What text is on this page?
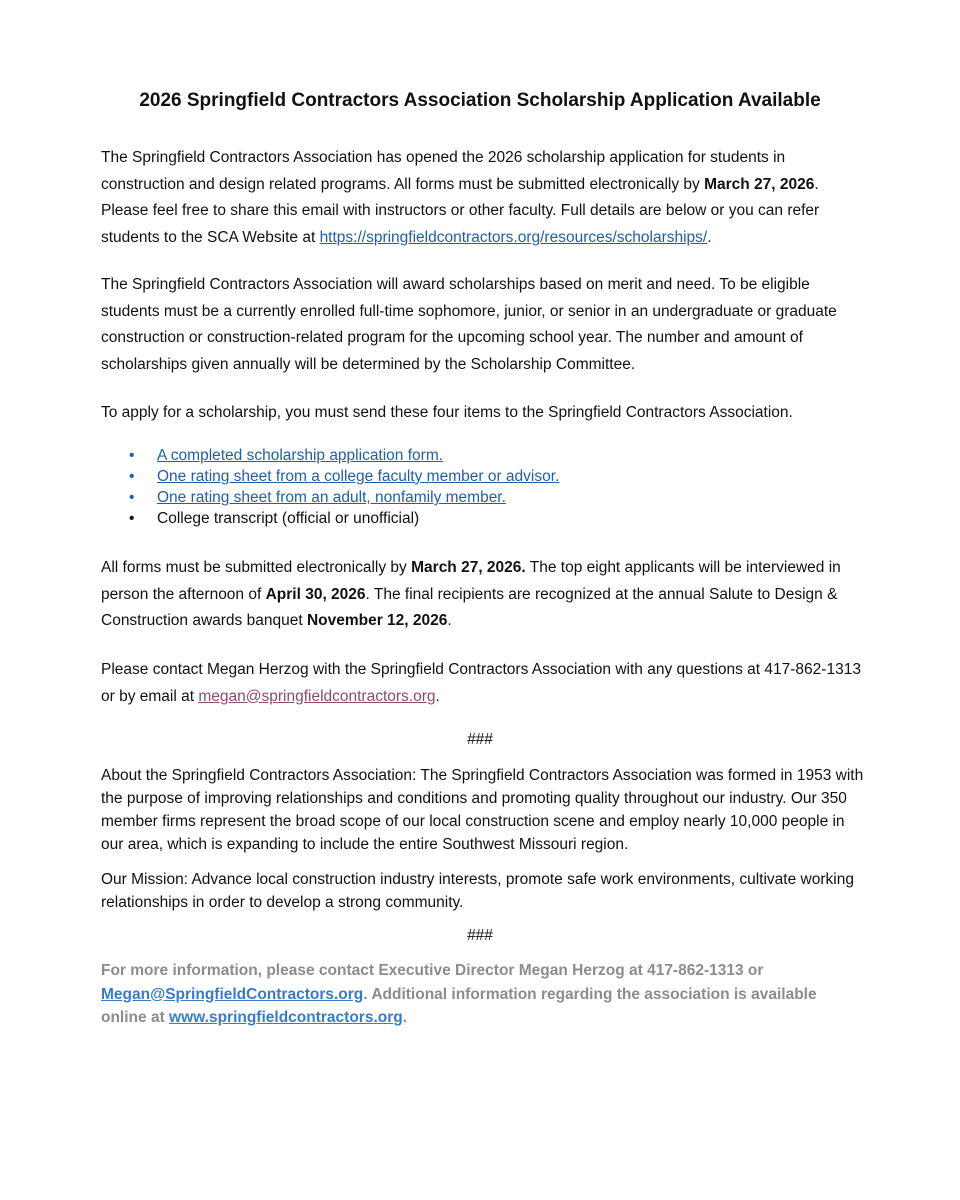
2026 Springfield Contractors Association Scholarship Application Available

The Springfield Contractors Association has opened the 2026 scholarship application for students in construction and design related programs. All forms must be submitted electronically by March 27, 2026. Please feel free to share this email with instructors or other faculty. Full details are below or you can refer students to the SCA Website at https://springfieldcontractors.org/resources/scholarships/.

The Springfield Contractors Association will award scholarships based on merit and need. To be eligible students must be a currently enrolled full-time sophomore, junior, or senior in an undergraduate or graduate construction or construction-related program for the upcoming school year. The number and amount of scholarships given annually will be determined by the Scholarship Committee.

To apply for a scholarship, you must send these four items to the Springfield Contractors Association.

•	A completed scholarship application form.
•	One rating sheet from a college faculty member or advisor.
•	One rating sheet from an adult, nonfamily member.
•	College transcript (official or unofficial)

All forms must be submitted electronically by March 27, 2026. The top eight applicants will be interviewed in person the afternoon of April 30, 2026. The final recipients are recognized at the annual Salute to Design & Construction awards banquet November 12, 2026.

Please contact Megan Herzog with the Springfield Contractors Association with any questions at 417-862-1313 or by email at megan@springfieldcontractors.org.

###

About the Springfield Contractors Association: The Springfield Contractors Association was formed in 1953 with the purpose of improving relationships and conditions and promoting quality throughout our industry. Our 350 member firms represent the broad scope of our local construction scene and employ nearly 10,000 people in our area, which is expanding to include the entire Southwest Missouri region.

Our Mission: Advance local construction industry interests, promote safe work environments, cultivate working relationships in order to develop a strong community.

###

For more information, please contact Executive Director Megan Herzog at 417-862-1313 or Megan@SpringfieldContractors.org. Additional information regarding the association is available online at www.springfieldcontractors.org.
